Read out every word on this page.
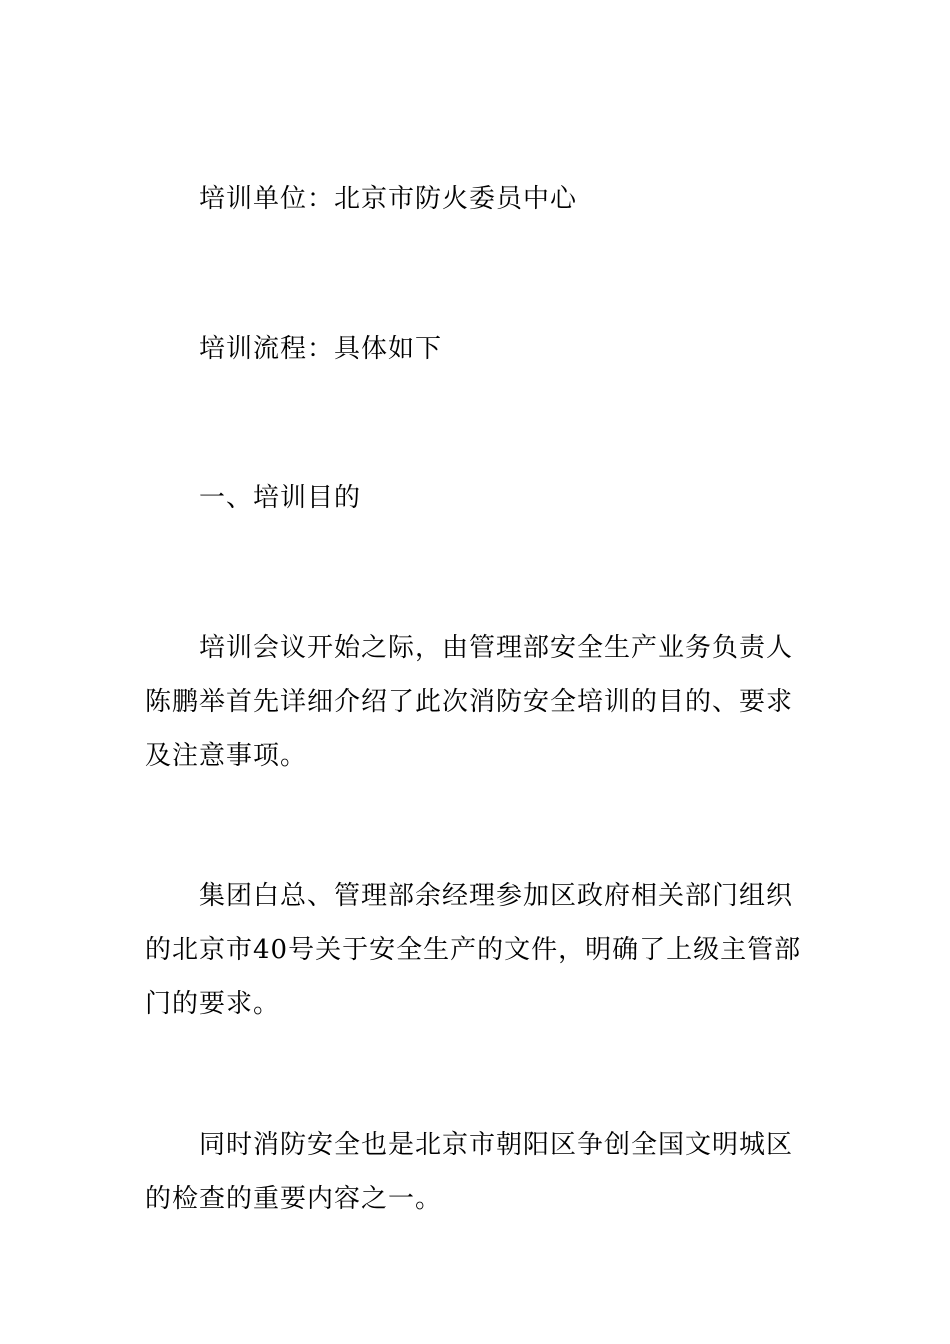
培训单位：北京市防火委员中心

培训流程：具体如下

一、培训目的

培训会议开始之际，由管理部安全生产业务负责人陈鹏举首先详细介绍了此次消防安全培训的目的、要求及注意事项。

集团白总、管理部余经理参加区政府相关部门组织的北京市40号关于安全生产的文件，明确了上级主管部门的要求。

同时消防安全也是北京市朝阳区争创全国文明城区的检查的重要内容之一。
